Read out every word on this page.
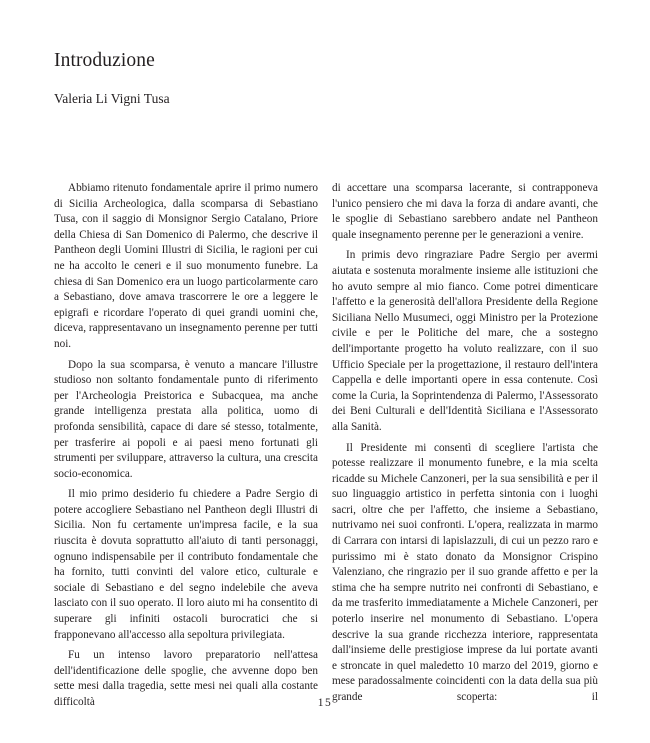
Introduzione
Valeria Li Vigni Tusa

Abbiamo ritenuto fondamentale aprire il primo numero di Sicilia Archeologica, dalla scomparsa di Sebastiano Tusa, con il saggio di Monsignor Sergio Catalano, Priore della Chiesa di San Domenico di Palermo, che descrive il Pantheon degli Uomini Illustri di Sicilia, le ragioni per cui ne ha accolto le ceneri e il suo monumento funebre. La chiesa di San Domenico era un luogo particolarmente caro a Sebastiano, dove amava trascorrere le ore a leggere le epigrafi e ricordare l'operato di quei grandi uomini che, diceva, rappresentavano un insegnamento perenne per tutti noi.

Dopo la sua scomparsa, è venuto a mancare l'illustre studioso non soltanto fondamentale punto di riferimento per l'Archeologia Preistorica e Subacquea, ma anche grande intelligenza prestata alla politica, uomo di profonda sensibilità, capace di dare sé stesso, totalmente, per trasferire ai popoli e ai paesi meno fortunati gli strumenti per sviluppare, attraverso la cultura, una crescita socio-economica.

Il mio primo desiderio fu chiedere a Padre Sergio di potere accogliere Sebastiano nel Pantheon degli Illustri di Sicilia. Non fu certamente un'impresa facile, e la sua riuscita è dovuta soprattutto all'aiuto di tanti personaggi, ognuno indispensabile per il contributo fondamentale che ha fornito, tutti convinti del valore etico, culturale e sociale di Sebastiano e del segno indelebile che aveva lasciato con il suo operato. Il loro aiuto mi ha consentito di superare gli infiniti ostacoli burocratici che si frapponevano all'accesso alla sepoltura privilegiata.

Fu un intenso lavoro preparatorio nell'attesa dell'identificazione delle spoglie, che avvenne dopo ben sette mesi dalla tragedia, sette mesi nei quali alla costante difficoltà

di accettare una scomparsa lacerante, si contrapponeva l'unico pensiero che mi dava la forza di andare avanti, che le spoglie di Sebastiano sarebbero andate nel Pantheon quale insegnamento perenne per le generazioni a venire.

In primis devo ringraziare Padre Sergio per avermi aiutata e sostenuta moralmente insieme alle istituzioni che ho avuto sempre al mio fianco. Come potrei dimenticare l'affetto e la generosità dell'allora Presidente della Regione Siciliana Nello Musumeci, oggi Ministro per la Protezione civile e per le Politiche del mare, che a sostegno dell'importante progetto ha voluto realizzare, con il suo Ufficio Speciale per la progettazione, il restauro dell'intera Cappella e delle importanti opere in essa contenute. Così come la Curia, la Soprintendenza di Palermo, l'Assessorato dei Beni Culturali e dell'Identità Siciliana e l'Assessorato alla Sanità.

Il Presidente mi consentì di scegliere l'artista che potesse realizzare il monumento funebre, e la mia scelta ricadde su Michele Canzoneri, per la sua sensibilità e per il suo linguaggio artistico in perfetta sintonia con i luoghi sacri, oltre che per l'affetto, che insieme a Sebastiano, nutrivamo nei suoi confronti. L'opera, realizzata in marmo di Carrara con intarsi di lapislazzuli, di cui un pezzo raro e purissimo mi è stato donato da Monsignor Crispino Valenziano, che ringrazio per il suo grande affetto e per la stima che ha sempre nutrito nei confronti di Sebastiano, e da me trasferito immediatamente a Michele Canzoneri, per poterlo inserire nel monumento di Sebastiano. L'opera descrive la sua grande ricchezza interiore, rappresentata dall'insieme delle prestigiose imprese da lui portate avanti e stroncate in quel maledetto 10 marzo del 2019, giorno e mese paradossalmente coincidenti con la data della sua più grande scoperta: il

15
